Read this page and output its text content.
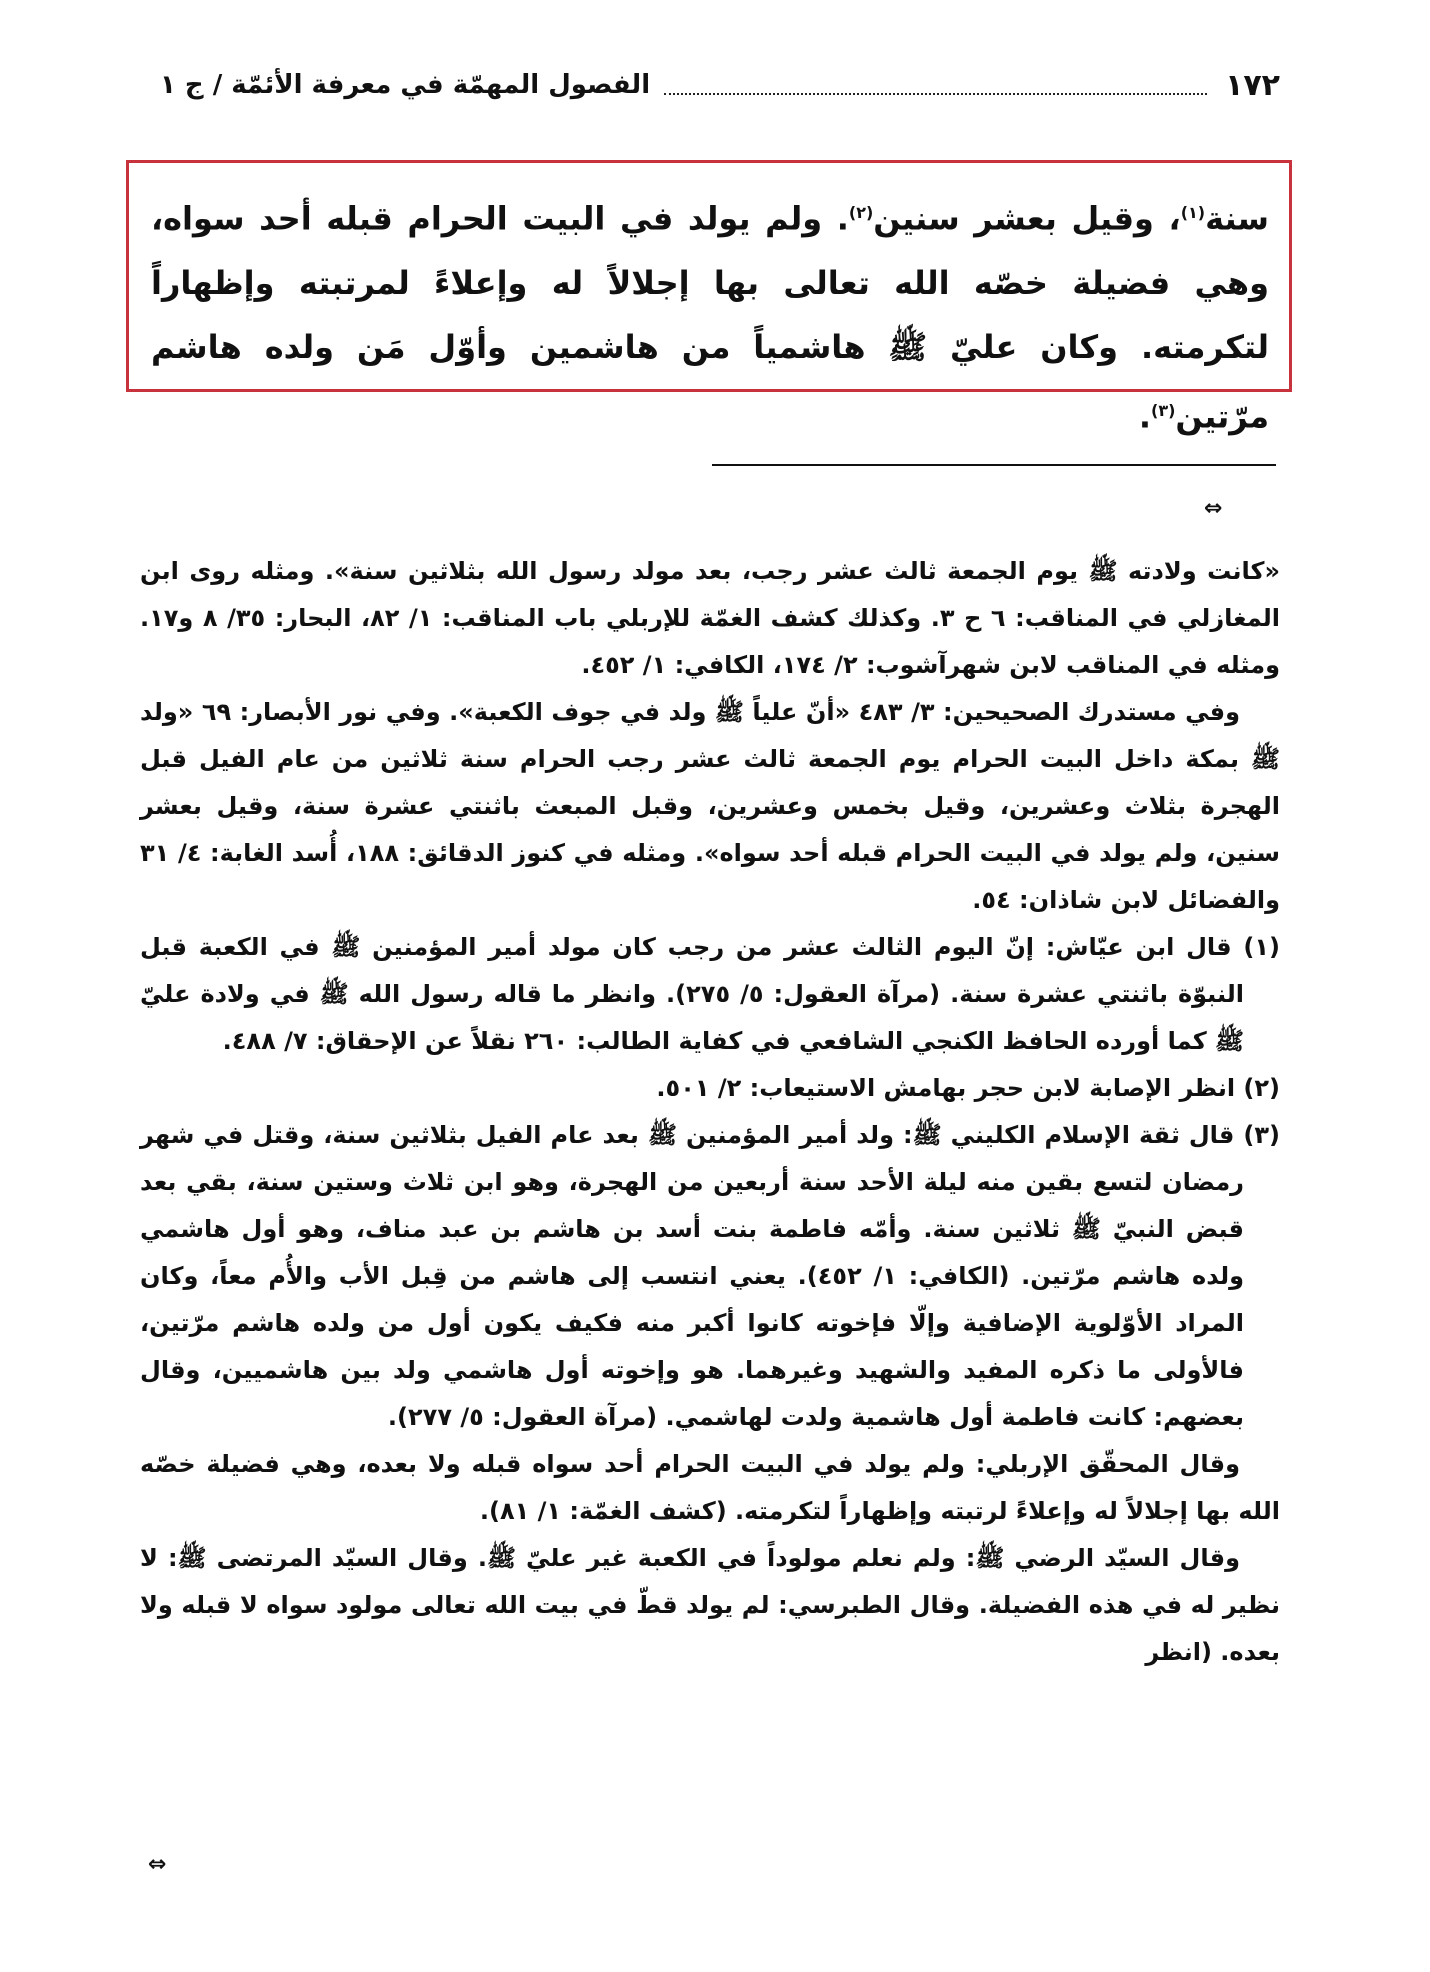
١٧٢
الفصول المهمّة في معرفة الأئمّة / ج ١
سنة$^{(١)}$، وقيل بعشر سنين$^{(٢)}$. ولم يولد في البيت الحرام قبله أحد سواه، وهي فضيلة خصّه الله تعالى بها إجلالاً له وإعلاءً لمرتبته وإظهاراً لتكرمته. وكان عليّ ﷺ هاشمياً من هاشمين وأوّل مَن ولده هاشم مرّتين$^{(٣)}$.
⇔

«كانت ولادته ﷺ يوم الجمعة ثالث عشر رجب، بعد مولد رسول الله بثلاثين سنة». ومثله روى ابن المغازلي في المناقب: ٦ ح ٣. وكذلك كشف الغمّة للإربلي باب المناقب: ١/ ٨٢، البحار: ٣٥/ ٨ و١٧. ومثله في المناقب لابن شهرآشوب: ٢/ ١٧٤، الكافي: ١/ ٤٥٢.

وفي مستدرك الصحيحين: ٣/ ٤٨٣ «أنّ علياً ﷺ ولد في جوف الكعبة». وفي نور الأبصار: ٦٩ «ولد ﷺ بمكة داخل البيت الحرام يوم الجمعة ثالث عشر رجب الحرام سنة ثلاثين من عام الفيل قبل الهجرة بثلاث وعشرين، وقيل بخمس وعشرين، وقبل المبعث باثنتي عشرة سنة، وقيل بعشر سنين، ولم يولد في البيت الحرام قبله أحد سواه». ومثله في كنوز الدقائق: ١٨٨، أُسد الغابة: ٤/ ٣١ والفضائل لابن شاذان: ٥٤.

(١) قال ابن عيّاش: إنّ اليوم الثالث عشر من رجب كان مولد أمير المؤمنين ﷺ في الكعبة قبل النبوّة باثنتي عشرة سنة. (مرآة العقول: ٥/ ٢٧٥). وانظر ما قاله رسول الله ﷺ في ولادة عليّ ﷺ كما أورده الحافظ الكنجي الشافعي في كفاية الطالب: ٢٦٠ نقلاً عن الإحقاق: ٧/ ٤٨٨.

(٢) انظر الإصابة لابن حجر بهامش الاستيعاب: ٢/ ٥٠١.

(٣) قال ثقة الإسلام الكليني ﷺ: ولد أمير المؤمنين ﷺ بعد عام الفيل بثلاثين سنة، وقتل في شهر رمضان لتسع بقين منه ليلة الأحد سنة أربعين من الهجرة، وهو ابن ثلاث وستين سنة، بقي بعد قبض النبيّ ﷺ ثلاثين سنة. وأمّه فاطمة بنت أسد بن هاشم بن عبد مناف، وهو أول هاشمي ولده هاشم مرّتين. (الكافي: ١/ ٤٥٢). يعني انتسب إلى هاشم من قِبل الأب والأُم معاً، وكان المراد الأوّلوية الإضافية وإلّا فإخوته كانوا أكبر منه فكيف يكون أول من ولده هاشم مرّتين، فالأولى ما ذكره المفيد والشهيد وغيرهما. هو وإخوته أول هاشمي ولد بين هاشميين، وقال بعضهم: كانت فاطمة أول هاشمية ولدت لهاشمي. (مرآة العقول: ٥/ ٢٧٧).

وقال المحقّق الإربلي: ولم يولد في البيت الحرام أحد سواه قبله ولا بعده، وهي فضيلة خصّه الله بها إجلالاً له وإعلاءً لرتبته وإظهاراً لتكرمته. (كشف الغمّة: ١/ ٨١).

وقال السيّد الرضي ﷺ: ولم نعلم مولوداً في الكعبة غير عليّ ﷺ. وقال السيّد المرتضى ﷺ: لا نظير له في هذه الفضيلة. وقال الطبرسي: لم يولد قطّ في بيت الله تعالى مولود سواه لا قبله ولا بعده. (انظر

⇔
